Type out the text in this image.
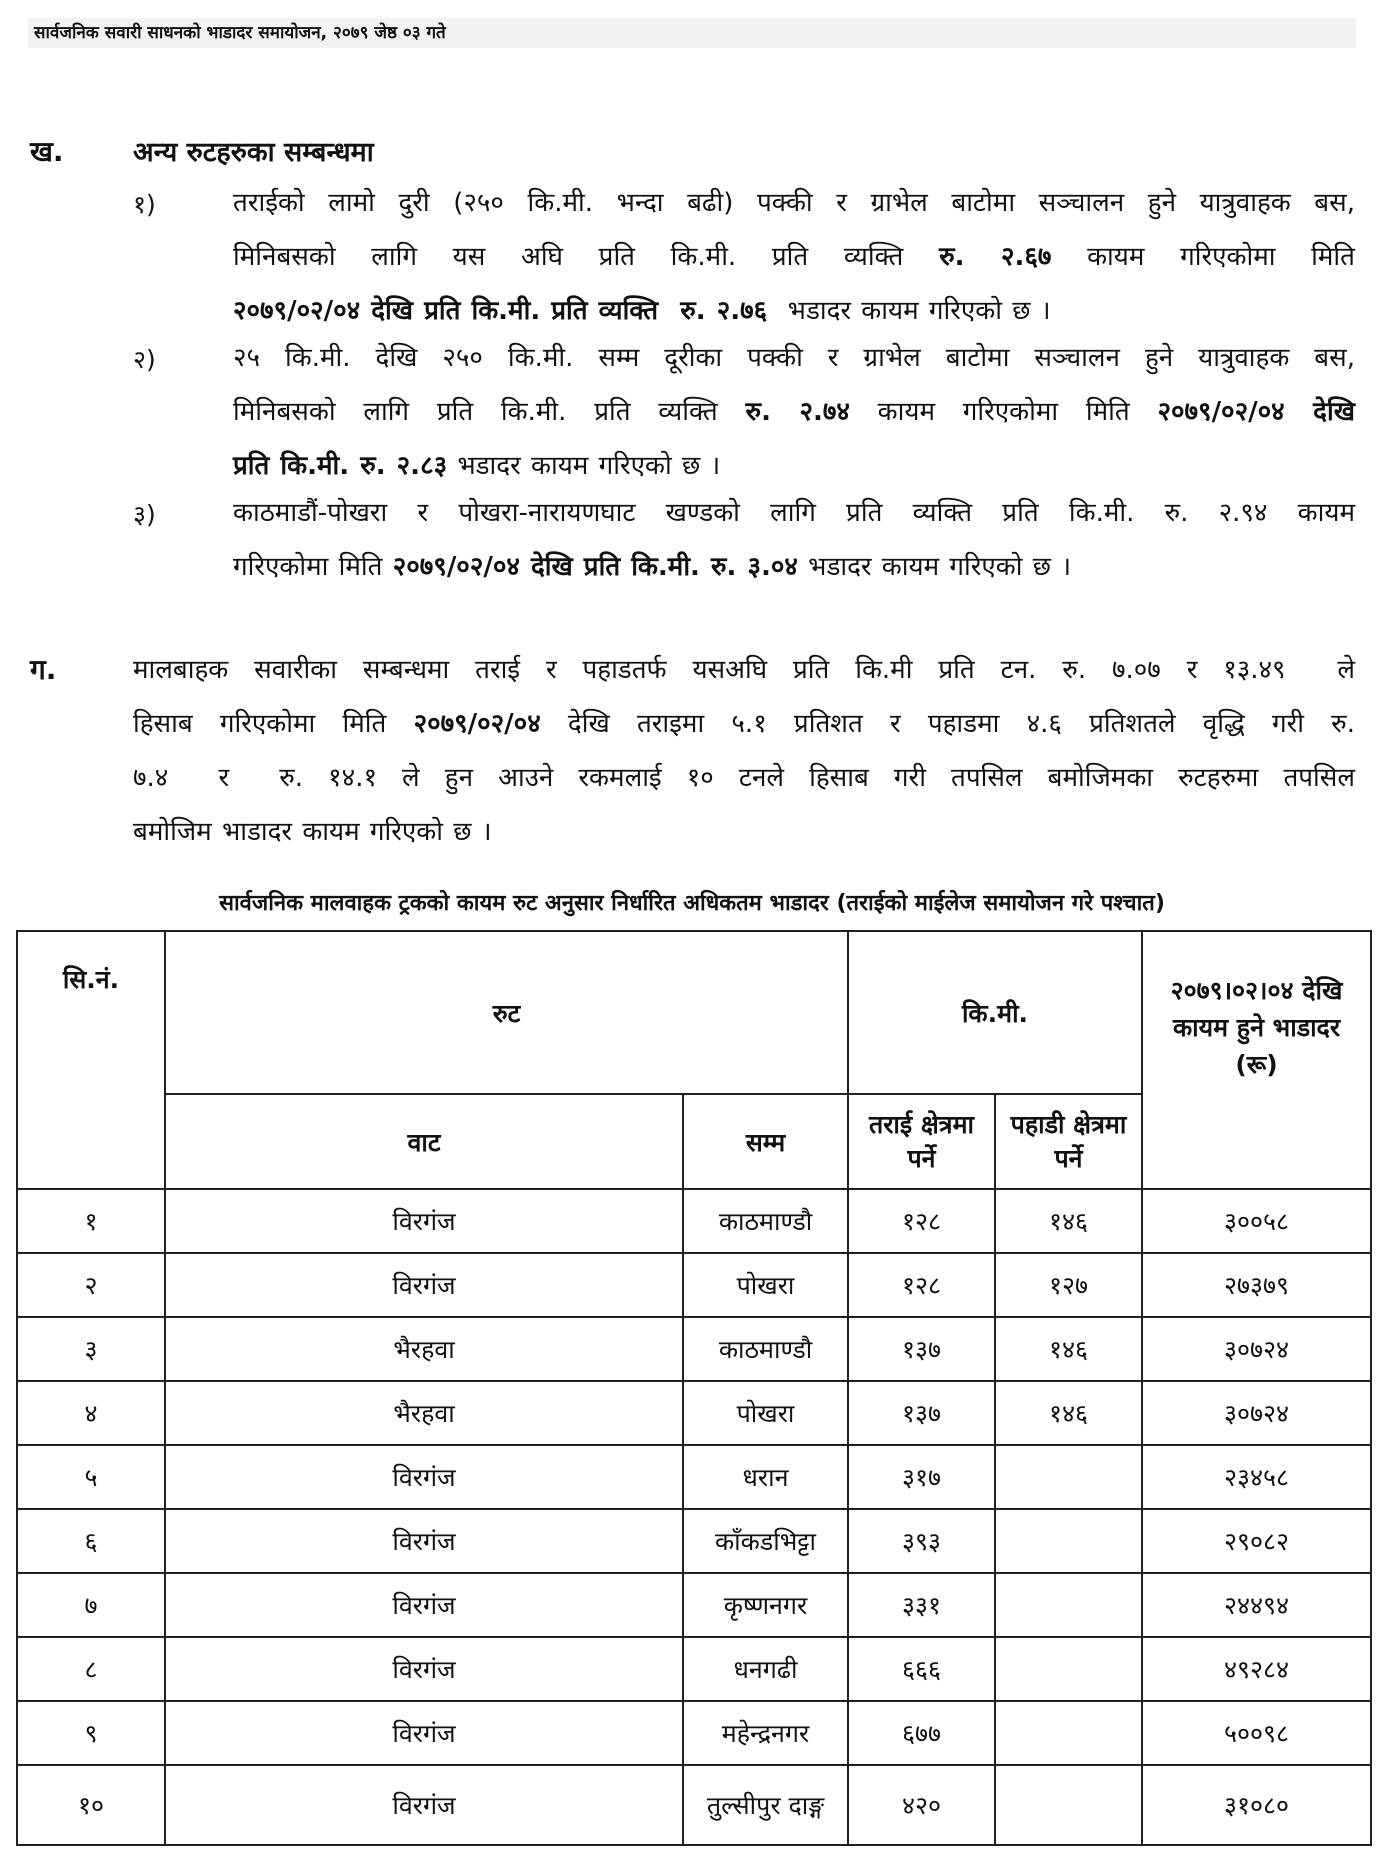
सार्वजनिक सवारी साधनको भाडादर समायोजन, २०७९ जेष्ठ ०३ गते
ख.	अन्य रुटहरुका सम्बन्धमा
१)	तराईको लामो दुरी (२५० कि.मी. भन्दा बढी) पक्की र ग्राभेल बाटोमा सञ्चालन हुने यात्रुवाहक बस,
मिनिबसको लागि यस अघि प्रति कि.मी. प्रति व्यक्ति रु. २.६७ कायम गरिएकोमा मिति
२०७९/०२/०४ देखि प्रति कि.मी. प्रति व्यक्ति  रु. २.७६  भडादर कायम गरिएको छ ।
२)	२५ कि.मी. देखि २५० कि.मी. सम्म दूरीका पक्की र ग्राभेल बाटोमा सञ्चालन हुने यात्रुवाहक बस,
मिनिबसको लागि प्रति कि.मी. प्रति व्यक्ति रु. २.७४ कायम गरिएकोमा मिति २०७९/०२/०४ देखि
प्रति कि.मी. रु. २.८३ भडादर कायम गरिएको छ ।
३)	काठमाडौं-पोखरा र पोखरा-नारायणघाट खण्डको लागि प्रति व्यक्ति प्रति कि.मी. रु. २.९४ कायम
गरिएकोमा मिति २०७९/०२/०४ देखि प्रति कि.मी. रु. ३.०४ भडादर कायम गरिएको छ ।
ग.	मालबाहक सवारीका सम्बन्धमा तराई र पहाडतर्फ यसअघि प्रति कि.मी प्रति टन. रु. ७.०७ र १३.४९  ले
हिसाब गरिएकोमा मिति २०७९/०२/०४ देखि तराइमा ५.१ प्रतिशत र पहाडमा ४.६ प्रतिशतले वृद्धि गरी रु.
७.४  र  रु. १४.१ ले हुन आउने रकमलाई १० टनले हिसाब गरी तपसिल बमोजिमका रुटहरुमा तपसिल
बमोजिम भाडादर कायम गरिएको छ ।
सार्वजनिक मालवाहक ट्रकको कायम रुट अनुसार निर्धारित अधिकतम भाडादर (तराईको माईलेज समायोजन गरे पश्चात)
सि.नं.	रुट		कि.मी.		२०७९।०२।०४ देखि कायम हुने भाडादर (रू)
	वाट	सम्म	तराई क्षेत्रमा पर्ने	पहाडी क्षेत्रमा पर्ने	
१	विरगंज	काठमाण्डौ	१२८	१४६	३००५८
२	विरगंज	पोखरा	१२८	१२७	२७३७९
३	भैरहवा	काठमाण्डौ	१३७	१४६	३०७२४
४	भैरहवा	पोखरा	१३७	१४६	३०७२४
५	विरगंज	धरान	३१७		२३४५८
६	विरगंज	काँकडभिट्टा	३९३		२९०८२
७	विरगंज	कृष्णनगर	३३१		२४४९४
८	विरगंज	धनगढी	६६६		४९२८४
९	विरगंज	महेन्द्रनगर	६७७		५००९८
१०	विरगंज	तुल्सीपुर दाङ्ग	४२०		३१०८०
